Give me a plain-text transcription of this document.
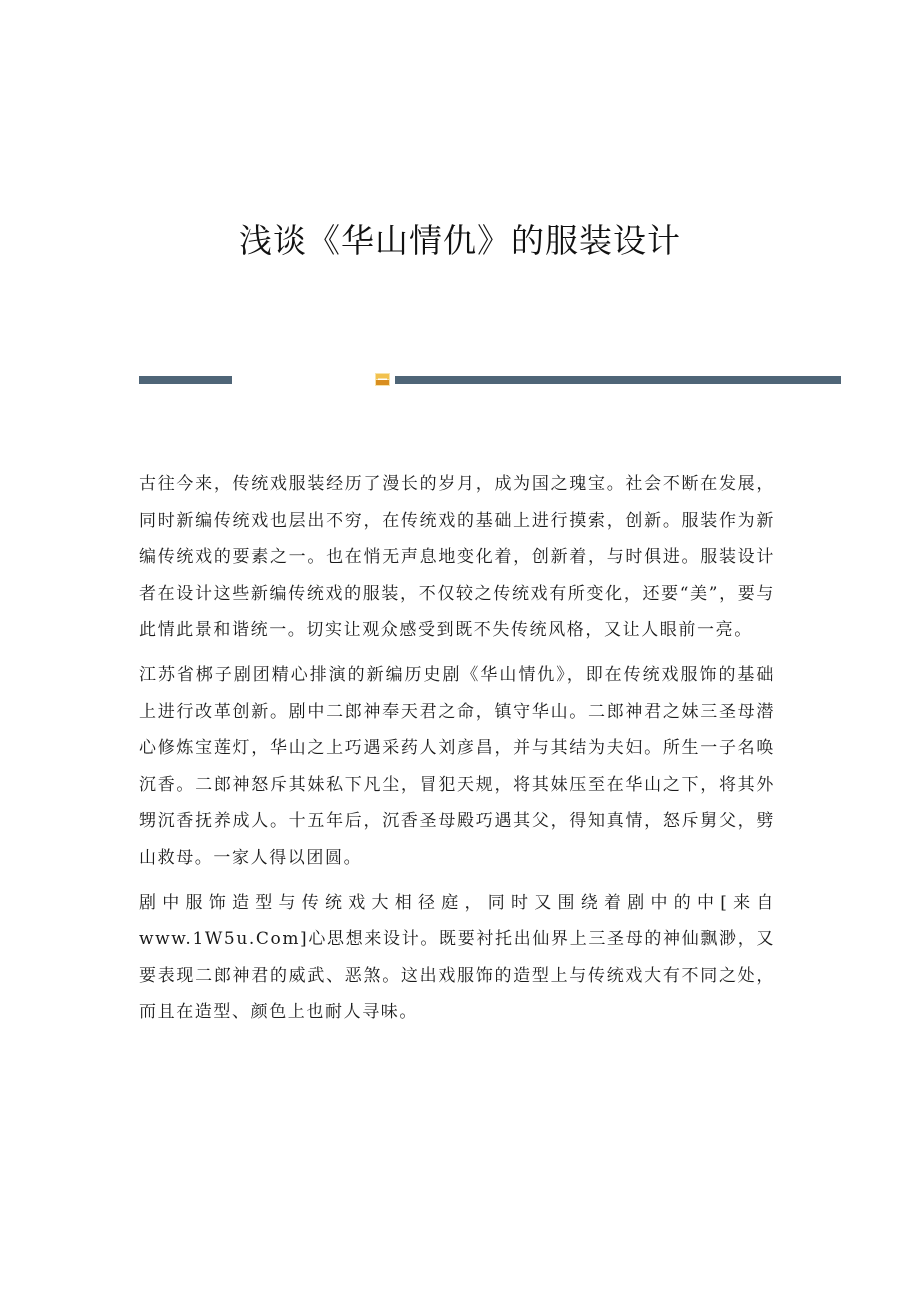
浅谈《华山情仇》的服装设计

古往今来，传统戏服装经历了漫长的岁月，成为国之瑰宝。社会不断在发展，同时新编传统戏也层出不穷，在传统戏的基础上进行摸索，创新。服装作为新编传统戏的要素之一。也在悄无声息地变化着，创新着，与时俱进。服装设计者在设计这些新编传统戏的服装，不仅较之传统戏有所变化，还要“美”，要与此情此景和谐统一。切实让观众感受到既不失传统风格，又让人眼前一亮。

江苏省梆子剧团精心排演的新编历史剧《华山情仇》，即在传统戏服饰的基础上进行改革创新。剧中二郎神奉天君之命，镇守华山。二郎神君之妹三圣母潜心修炼宝莲灯，华山之上巧遇采药人刘彦昌，并与其结为夫妇。所生一子名唤沉香。二郎神怒斥其妹私下凡尘，冒犯天规，将其妹压至在华山之下，将其外甥沉香抚养成人。十五年后，沉香圣母殿巧遇其父，得知真情，怒斥舅父，劈山救母。一家人得以团圆。

剧中服饰造型与传统戏大相径庭，同时又围绕着剧中的中[来自www.1W5u.Com]心思想来设计。既要衬托出仙界上三圣母的神仙飘渺，又要表现二郎神君的威武、恶煞。这出戏服饰的造型上与传统戏大有不同之处，而且在造型、颜色上也耐人寻味。
